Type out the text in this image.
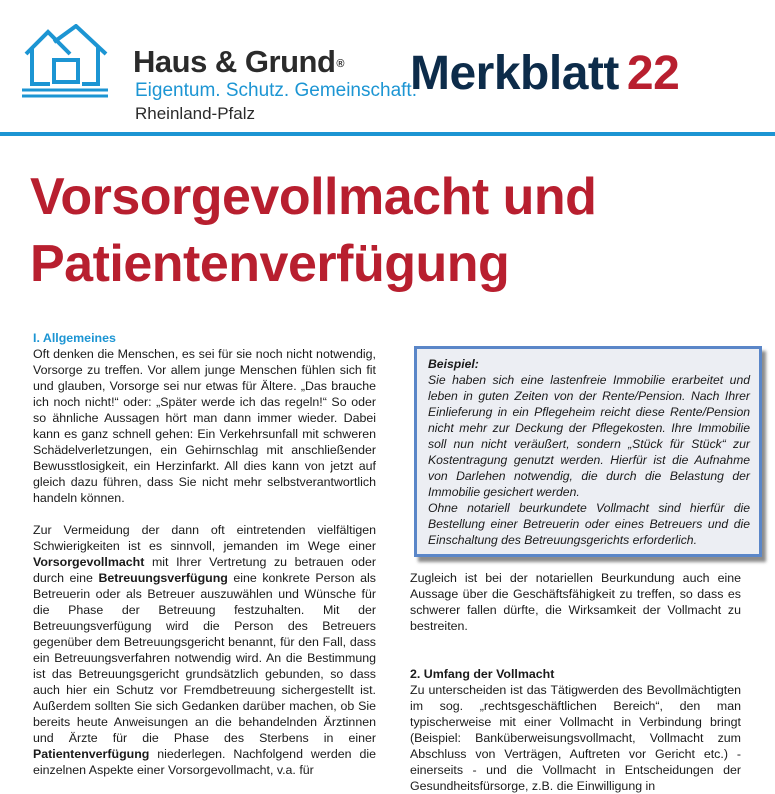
Haus & Grund®
Eigentum. Schutz. Gemeinschaft.
Rheinland-Pfalz
Merkblatt 22
Vorsorgevollmacht und
Patientenverfügung

I. Allgemeines

Oft denken die Menschen, es sei für sie noch nicht notwendig, Vorsorge zu treffen. Vor allem junge Menschen fühlen sich fit und glauben, Vorsorge sei nur etwas für Ältere. „Das brauche ich noch nicht!“ oder: „Später werde ich das regeln!“ So oder so ähnliche Aussagen hört man dann immer wieder. Dabei kann es ganz schnell gehen: Ein Verkehrsunfall mit schweren Schädelverletzungen, ein Gehirnschlag mit anschließender Bewusstlosigkeit, ein Herzinfarkt. All dies kann von jetzt auf gleich dazu führen, dass Sie nicht mehr selbstverantwortlich handeln können.

Zur Vermeidung der dann oft eintretenden vielfältigen Schwierigkeiten ist es sinnvoll, jemanden im Wege einer Vorsorgevollmacht mit Ihrer Vertretung zu betrauen oder durch eine Betreuungsverfügung eine konkrete Person als Betreuerin oder als Betreuer auszuwählen und Wünsche für die Phase der Betreuung festzuhalten. Mit der Betreuungsverfügung wird die Person des Betreuers gegenüber dem Betreuungsgericht benannt, für den Fall, dass ein Betreuungsverfahren notwendig wird. An die Bestimmung ist das Betreuungsgericht grundsätzlich gebunden, so dass auch hier ein Schutz vor Fremdbetreuung sichergestellt ist. Außerdem sollten Sie sich Gedanken darüber machen, ob Sie bereits heute Anweisungen an die behandelnden Ärztinnen und Ärzte für die Phase des Sterbens in einer Patientenverfügung niederlegen. Nachfolgend werden die einzelnen Aspekte einer Vorsorgevollmacht, v.a. für

Beispiel:

Sie haben sich eine lastenfreie Immobilie erarbeitet und leben in guten Zeiten von der Rente/Pension. Nach Ihrer Einlieferung in ein Pflegeheim reicht diese Rente/Pension nicht mehr zur Deckung der Pflegekosten. Ihre Immobilie soll nun nicht veräußert, sondern „Stück für Stück“ zur Kostentragung genutzt werden. Hierfür ist die Aufnahme von Darlehen notwendig, die durch die Belastung der Immobilie gesichert werden.

Ohne notariell beurkundete Vollmacht sind hierfür die Bestellung einer Betreuerin oder eines Betreuers und die Einschaltung des Betreuungsgerichts erforderlich.

Zugleich ist bei der notariellen Beurkundung auch eine Aussage über die Geschäftsfähigkeit zu treffen, so dass es schwerer fallen dürfte, die Wirksamkeit der Vollmacht zu bestreiten.

2. Umfang der Vollmacht

Zu unterscheiden ist das Tätigwerden des Bevollmächtigten im sog. „rechtsgeschäftlichen Bereich“, den man typischerweise mit einer Vollmacht in Verbindung bringt (Beispiel: Banküberweisungsvollmacht, Vollmacht zum Abschluss von Verträgen, Auftreten vor Gericht etc.) - einerseits - und die Vollmacht in Entscheidungen der Gesundheitsfürsorge, z.B. die Einwilligung in
